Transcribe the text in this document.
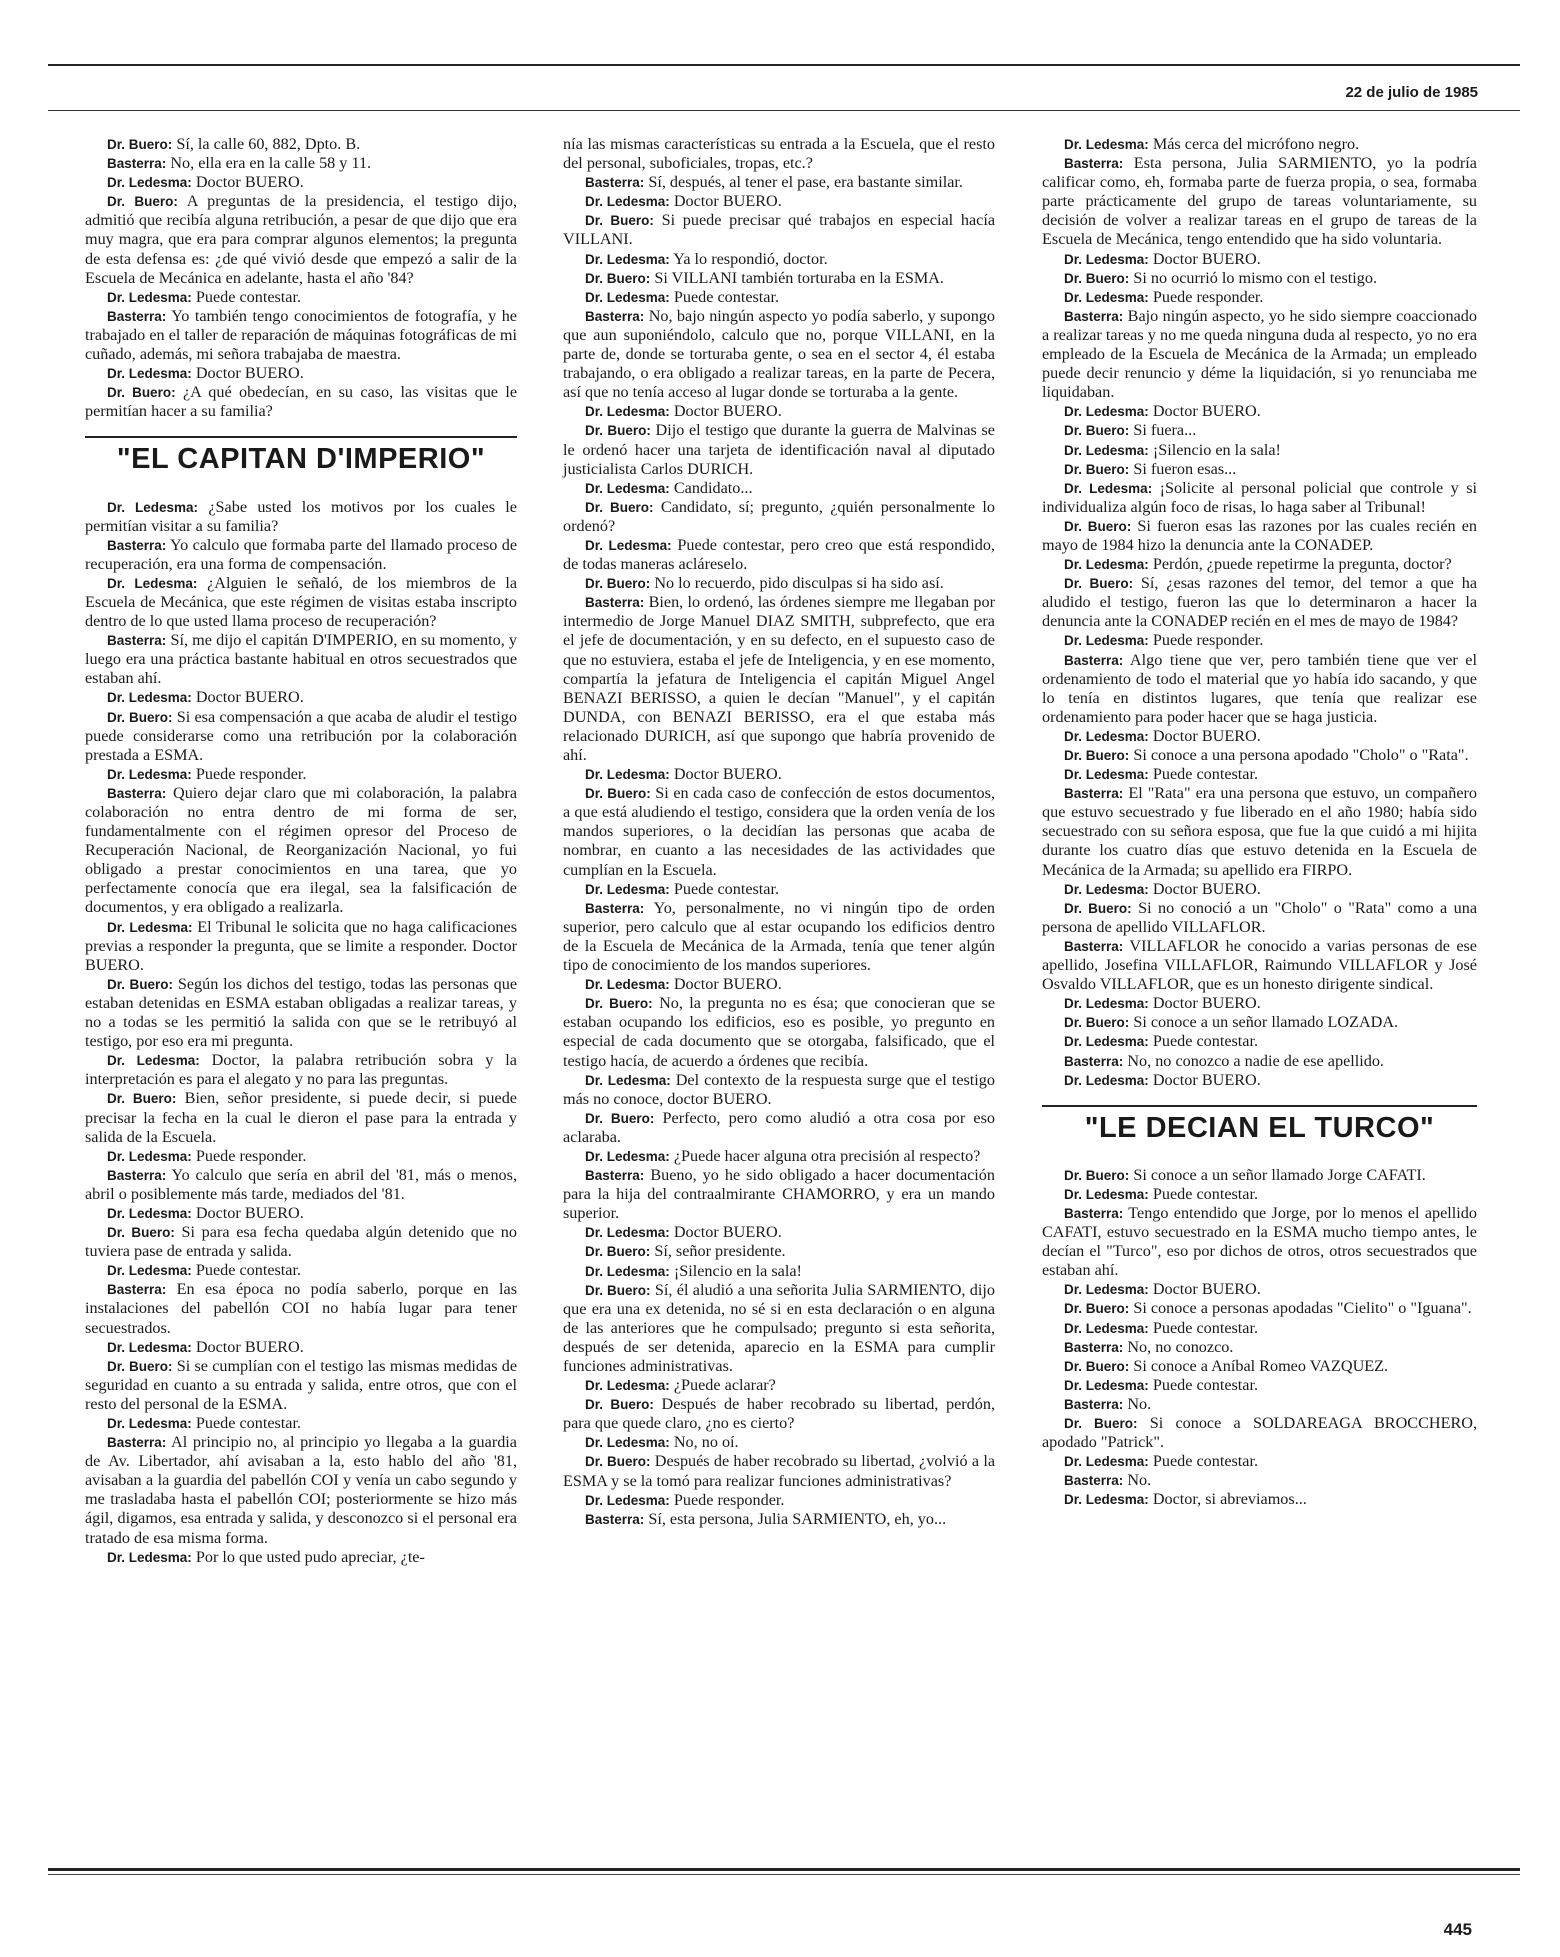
22 de julio de 1985

Dr. Buero: Sí, la calle 60, 882, Dpto. B.

Basterra: No, ella era en la calle 58 y 11.

Dr. Ledesma: Doctor BUERO.

Dr. Buero: A preguntas de la presidencia, el testigo dijo, admitió que recibía alguna retribución, a pesar de que dijo que era muy magra, que era para comprar algunos elementos; la pregunta de esta defensa es: ¿de qué vivió desde que empezó a salir de la Escuela de Mecánica en adelante, hasta el año '84?

Dr. Ledesma: Puede contestar.

Basterra: Yo también tengo conocimientos de fotografía, y he trabajado en el taller de reparación de máquinas fotográficas de mi cuñado, además, mi señora trabajaba de maestra.

Dr. Ledesma: Doctor BUERO.

Dr. Buero: ¿A qué obedecían, en su caso, las visitas que le permitían hacer a su familia?

"EL CAPITAN D'IMPERIO"

Dr. Ledesma: ¿Sabe usted los motivos por los cuales le permitían visitar a su familia?

Basterra: Yo calculo que formaba parte del llamado proceso de recuperación, era una forma de compensación.

Dr. Ledesma: ¿Alguien le señaló, de los miembros de la Escuela de Mecánica, que este régimen de visitas estaba inscripto dentro de lo que usted llama proceso de recuperación?

Basterra: Sí, me dijo el capitán D'IMPERIO, en su momento, y luego era una práctica bastante habitual en otros secuestrados que estaban ahí.

Dr. Ledesma: Doctor BUERO.

Dr. Buero: Si esa compensación a que acaba de aludir el testigo puede considerarse como una retribución por la colaboración prestada a ESMA.

Dr. Ledesma: Puede responder.

Basterra: Quiero dejar claro que mi colaboración, la palabra colaboración no entra dentro de mi forma de ser, fundamentalmente con el régimen opresor del Proceso de Recuperación Nacional, de Reorganización Nacional, yo fui obligado a prestar conocimientos en una tarea, que yo perfectamente conocía que era ilegal, sea la falsificación de documentos, y era obligado a realizarla.

Dr. Ledesma: El Tribunal le solicita que no haga calificaciones previas a responder la pregunta, que se limite a responder. Doctor BUERO.

Dr. Buero: Según los dichos del testigo, todas las personas que estaban detenidas en ESMA estaban obligadas a realizar tareas, y no a todas se les permitió la salida con que se le retribuyó al testigo, por eso era mi pregunta.

Dr. Ledesma: Doctor, la palabra retribución sobra y la interpretación es para el alegato y no para las preguntas.

Dr. Buero: Bien, señor presidente, si puede decir, si puede precisar la fecha en la cual le dieron el pase para la entrada y salida de la Escuela.

Dr. Ledesma: Puede responder.

Basterra: Yo calculo que sería en abril del '81, más o menos, abril o posiblemente más tarde, mediados del '81.

Dr. Ledesma: Doctor BUERO.

Dr. Buero: Si para esa fecha quedaba algún detenido que no tuviera pase de entrada y salida.

Dr. Ledesma: Puede contestar.

Basterra: En esa época no podía saberlo, porque en las instalaciones del pabellón COI no había lugar para tener secuestrados.

Dr. Ledesma: Doctor BUERO.

Dr. Buero: Si se cumplían con el testigo las mismas medidas de seguridad en cuanto a su entrada y salida, entre otros, que con el resto del personal de la ESMA.

Dr. Ledesma: Puede contestar.

Basterra: Al principio no, al principio yo llegaba a la guardia de Av. Libertador, ahí avisaban a la, esto hablo del año '81, avisaban a la guardia del pabellón COI y venía un cabo segundo y me trasladaba hasta el pabellón COI; posteriormente se hizo más ágil, digamos, esa entrada y salida, y desconozco si el personal era tratado de esa misma forma.

Dr. Ledesma: Por lo que usted pudo apreciar, ¿te-

nía las mismas características su entrada a la Escuela, que el resto del personal, suboficiales, tropas, etc.?

Basterra: Sí, después, al tener el pase, era bastante similar.

Dr. Ledesma: Doctor BUERO.

Dr. Buero: Si puede precisar qué trabajos en especial hacía VILLANI.

Dr. Ledesma: Ya lo respondió, doctor.

Dr. Buero: Si VILLANI también torturaba en la ESMA.

Dr. Ledesma: Puede contestar.

Basterra: No, bajo ningún aspecto yo podía saberlo, y supongo que aun suponiéndolo, calculo que no, porque VILLANI, en la parte de, donde se torturaba gente, o sea en el sector 4, él estaba trabajando, o era obligado a realizar tareas, en la parte de Pecera, así que no tenía acceso al lugar donde se torturaba a la gente.

Dr. Ledesma: Doctor BUERO.

Dr. Buero: Dijo el testigo que durante la guerra de Malvinas se le ordenó hacer una tarjeta de identificación naval al diputado justicialista Carlos DURICH.

Dr. Ledesma: Candidato...

Dr. Buero: Candidato, sí; pregunto, ¿quién personalmente lo ordenó?

Dr. Ledesma: Puede contestar, pero creo que está respondido, de todas maneras acláreselo.

Dr. Buero: No lo recuerdo, pido disculpas si ha sido así.

Basterra: Bien, lo ordenó, las órdenes siempre me llegaban por intermedio de Jorge Manuel DIAZ SMITH, subprefecto, que era el jefe de documentación, y en su defecto, en el supuesto caso de que no estuviera, estaba el jefe de Inteligencia, y en ese momento, compartía la jefatura de Inteligencia el capitán Miguel Angel BENAZI BERISSO, a quien le decían "Manuel", y el capitán DUNDA, con BENAZI BERISSO, era el que estaba más relacionado DURICH, así que supongo que habría provenido de ahí.

Dr. Ledesma: Doctor BUERO.

Dr. Buero: Si en cada caso de confección de estos documentos, a que está aludiendo el testigo, considera que la orden venía de los mandos superiores, o la decidían las personas que acaba de nombrar, en cuanto a las necesidades de las actividades que cumplían en la Escuela.

Dr. Ledesma: Puede contestar.

Basterra: Yo, personalmente, no vi ningún tipo de orden superior, pero calculo que al estar ocupando los edificios dentro de la Escuela de Mecánica de la Armada, tenía que tener algún tipo de conocimiento de los mandos superiores.

Dr. Ledesma: Doctor BUERO.

Dr. Buero: No, la pregunta no es ésa; que conocieran que se estaban ocupando los edificios, eso es posible, yo pregunto en especial de cada documento que se otorgaba, falsificado, que el testigo hacía, de acuerdo a órdenes que recibía.

Dr. Ledesma: Del contexto de la respuesta surge que el testigo más no conoce, doctor BUERO.

Dr. Buero: Perfecto, pero como aludió a otra cosa por eso aclaraba.

Dr. Ledesma: ¿Puede hacer alguna otra precisión al respecto?

Basterra: Bueno, yo he sido obligado a hacer documentación para la hija del contraalmirante CHAMORRO, y era un mando superior.

Dr. Ledesma: Doctor BUERO.

Dr. Buero: Sí, señor presidente.

Dr. Ledesma: ¡Silencio en la sala!

Dr. Buero: Sí, él aludió a una señorita Julia SARMIENTO, dijo que era una ex detenida, no sé si en esta declaración o en alguna de las anteriores que he compulsado; pregunto si esta señorita, después de ser detenida, aparecio en la ESMA para cumplir funciones administrativas.

Dr. Ledesma: ¿Puede aclarar?

Dr. Buero: Después de haber recobrado su libertad, perdón, para que quede claro, ¿no es cierto?

Dr. Ledesma: No, no oí.

Dr. Buero: Después de haber recobrado su libertad, ¿volvió a la ESMA y se la tomó para realizar funciones administrativas?

Dr. Ledesma: Puede responder.

Basterra: Sí, esta persona, Julia SARMIENTO, eh, yo...

Dr. Ledesma: Más cerca del micrófono negro.

Basterra: Esta persona, Julia SARMIENTO, yo la podría calificar como, eh, formaba parte de fuerza propia, o sea, formaba parte prácticamente del grupo de tareas voluntariamente, su decisión de volver a realizar tareas en el grupo de tareas de la Escuela de Mecánica, tengo entendido que ha sido voluntaria.

Dr. Ledesma: Doctor BUERO.

Dr. Buero: Si no ocurrió lo mismo con el testigo.

Dr. Ledesma: Puede responder.

Basterra: Bajo ningún aspecto, yo he sido siempre coaccionado a realizar tareas y no me queda ninguna duda al respecto, yo no era empleado de la Escuela de Mecánica de la Armada; un empleado puede decir renuncio y déme la liquidación, si yo renunciaba me liquidaban.

Dr. Ledesma: Doctor BUERO.

Dr. Buero: Si fuera...

Dr. Ledesma: ¡Silencio en la sala!

Dr. Buero: Si fueron esas...

Dr. Ledesma: ¡Solicite al personal policial que controle y si individualiza algún foco de risas, lo haga saber al Tribunal!

Dr. Buero: Si fueron esas las razones por las cuales recién en mayo de 1984 hizo la denuncia ante la CONADEP.

Dr. Ledesma: Perdón, ¿puede repetirme la pregunta, doctor?

Dr. Buero: Sí, ¿esas razones del temor, del temor a que ha aludido el testigo, fueron las que lo determinaron a hacer la denuncia ante la CONADEP recién en el mes de mayo de 1984?

Dr. Ledesma: Puede responder.

Basterra: Algo tiene que ver, pero también tiene que ver el ordenamiento de todo el material que yo había ido sacando, y que lo tenía en distintos lugares, que tenía que realizar ese ordenamiento para poder hacer que se haga justicia.

Dr. Ledesma: Doctor BUERO.

Dr. Buero: Si conoce a una persona apodado "Cholo" o "Rata".

Dr. Ledesma: Puede contestar.

Basterra: El "Rata" era una persona que estuvo, un compañero que estuvo secuestrado y fue liberado en el año 1980; había sido secuestrado con su señora esposa, que fue la que cuidó a mi hijita durante los cuatro días que estuvo detenida en la Escuela de Mecánica de la Armada; su apellido era FIRPO.

Dr. Ledesma: Doctor BUERO.

Dr. Buero: Si no conoció a un "Cholo" o "Rata" como a una persona de apellido VILLAFLOR.

Basterra: VILLAFLOR he conocido a varias personas de ese apellido, Josefina VILLAFLOR, Raimundo VILLAFLOR y José Osvaldo VILLAFLOR, que es un honesto dirigente sindical.

Dr. Ledesma: Doctor BUERO.

Dr. Buero: Si conoce a un señor llamado LOZADA.

Dr. Ledesma: Puede contestar.

Basterra: No, no conozco a nadie de ese apellido.

Dr. Ledesma: Doctor BUERO.

"LE DECIAN EL TURCO"

Dr. Buero: Si conoce a un señor llamado Jorge CAFATI.

Dr. Ledesma: Puede contestar.

Basterra: Tengo entendido que Jorge, por lo menos el apellido CAFATI, estuvo secuestrado en la ESMA mucho tiempo antes, le decían el "Turco", eso por dichos de otros, otros secuestrados que estaban ahí.

Dr. Ledesma: Doctor BUERO.

Dr. Buero: Si conoce a personas apodadas "Cielito" o "Iguana".

Dr. Ledesma: Puede contestar.

Basterra: No, no conozco.

Dr. Buero: Si conoce a Aníbal Romeo VAZQUEZ.

Dr. Ledesma: Puede contestar.

Basterra: No.

Dr. Buero: Si conoce a SOLDAREAGA BROCCHERO, apodado "Patrick".

Dr. Ledesma: Puede contestar.

Basterra: No.

Dr. Ledesma: Doctor, si abreviamos...

445
